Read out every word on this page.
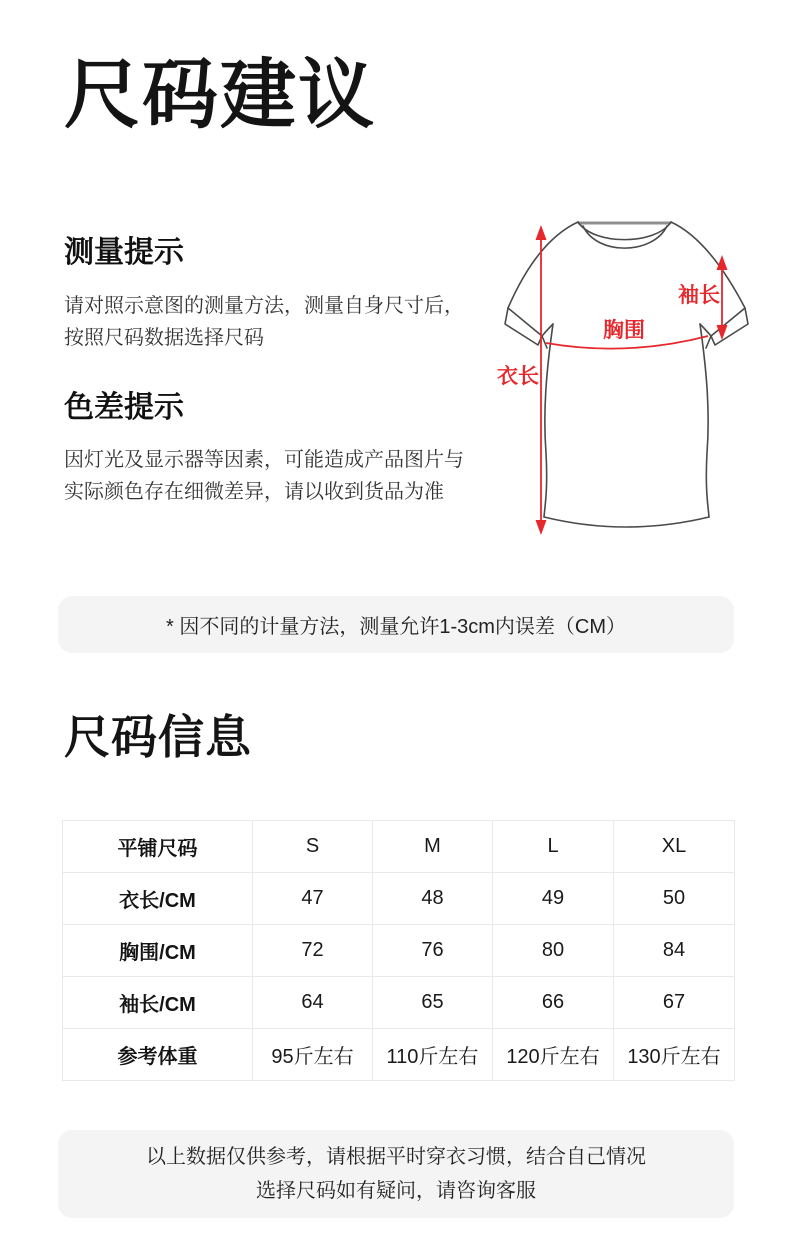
尺码建议
测量提示
请对照示意图的测量方法，测量自身尺寸后，
按照尺码数据选择尺码
色差提示
因灯光及显示器等因素，可能造成产品图片与
实际颜色存在细微差异，请以收到货品为准
衣长
胸围
袖长
* 因不同的计量方法，测量允许1-3cm内误差（CM）
尺码信息
平铺尺码	S	M	L	XL
衣长/CM	47	48	49	50
胸围/CM	72	76	80	84
袖长/CM	64	65	66	67
参考体重	95斤左右	110斤左右	120斤左右	130斤左右
以上数据仅供参考，请根据平时穿衣习惯，结合自己情况
选择尺码如有疑问，请咨询客服
